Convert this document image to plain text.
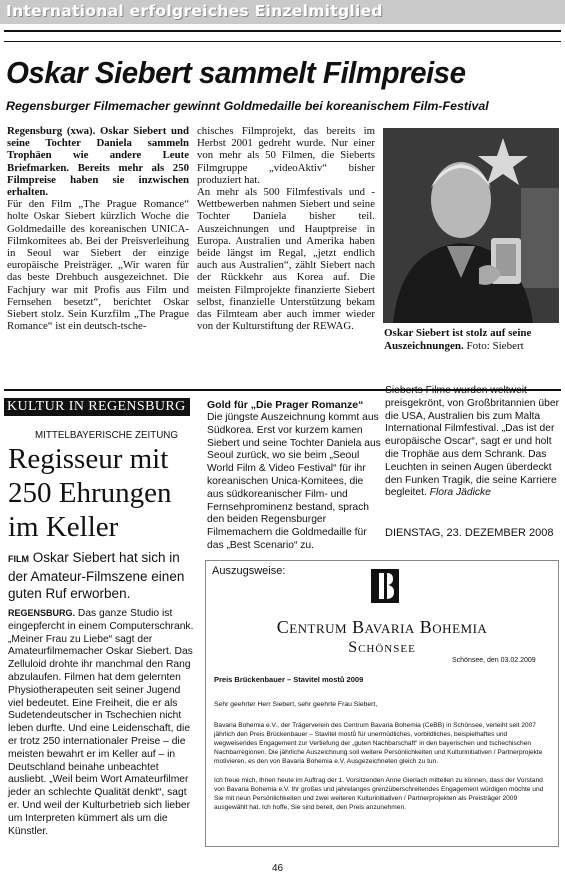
International erfolgreiches Einzelmitglied
Oskar Siebert sammelt Filmpreise
Regensburger Filmemacher gewinnt Goldmedaille bei koreanischem Film-Festival

Regensburg (xwa). Oskar Siebert und seine Tochter Daniela sammeln Trophäen wie andere Leute Briefmarken. Bereits mehr als 250 Filmpreise haben sie inzwischen erhalten.

Für den Film „The Prague Romance“ holte Oskar Siebert kürzlich Woche die Goldmedaille des koreanischen UNICA-Filmkomitees ab. Bei der Preisverleihung in Seoul war Siebert der einzige europäische Preisträger. „Wir waren für das beste Drehbuch ausgezeichnet. Die Fachjury war mit Profis aus Film und Fernsehen besetzt“, berichtet Oskar Siebert stolz. Sein Kurzfilm „The Prague Romance“ ist ein deutsch-tsche-

chisches Filmprojekt, das bereits im Herbst 2001 gedreht wurde. Nur einer von mehr als 50 Filmen, die Sieberts Filmgruppe „videoAktiv“ bisher produziert hat.

An mehr als 500 Filmfestivals und -Wettbewerben nahmen Siebert und seine Tochter Daniela bisher teil. Auszeichnungen und Hauptpreise in Europa. Australien und Amerika haben beide längst im Regal, „jetzt endlich auch aus Australien“, zählt Siebert nach der Rückkehr aus Korea auf. Die meisten Filmprojekte finanzierte Siebert selbst, finanzielle Unterstützung bekam das Filmteam aber auch immer wieder von der Kulturstiftung der REWAG.

Oskar Siebert ist stolz auf seine Auszeichnungen. Foto: Siebert
KULTUR IN REGENSBURG
MITTELBAYERISCHE ZEITUNG
Regisseur mit 250 Ehrungen im Keller
FILM Oskar Siebert hat sich in der Amateur-Filmszene einen guten Ruf erworben.
REGENSBURG. Das ganze Studio ist eingepfercht in einem Computerschrank. „Meiner Frau zu Liebe“ sagt der Amateurfilmemacher Oskar Siebert. Das Zelluloid drohte ihr manchmal den Rang abzulaufen. Filmen hat dem gelernten Physiotherapeuten seit seiner Jugend viel bedeutet. Eine Freiheit, die er als Sudetendeutscher in Tschechien nicht leben durfte. Und eine Leidenschaft, die er trotz 250 internationaler Preise – die meisten bewahrt er im Keller auf – in Deutschland beinahe unbeachtet ausliebt. „Weil beim Wort Amateurfilmer jeder an schlechte Qualität denkt“, sagt er. Und weil der Kulturbetrieb sich lieber um Interpreten kümmert als um die Künstler.
Gold für „Die Prager Romanze“
Die jüngste Auszeichnung kommt aus Südkorea. Erst vor kurzem kamen Siebert und seine Tochter Daniela aus Seoul zurück, wo sie beim „Seoul World Film & Video Festival“ für ihr koreanischen Unica-Komitees, die aus südkoreanischer Film- und Fernsehprominenz bestand, sprach den beiden Regensburger Filmemachern die Goldmedaille für das „Best Scenario“ zu.
Sieberts Filme wurden weltweit preisgekrönt, von Großbritannien über die USA, Australien bis zum Malta International Filmfestival. „Das ist der europäische Oscar“, sagt er und holt die Trophäe aus dem Schrank. Das Leuchten in seinen Augen überdeckt den Funken Tragik, die seine Karriere begleitet. Flora Jädicke
DIENSTAG, 23. DEZEMBER 2008
Auszugsweise:
Centrum Bavaria Bohemia
Schönsee
Schönsee, den 03.02.2009
Preis Brückenbauer – Stavitel mostů 2009
Sehr geehrter Herr Siebert, sehr geehrte Frau Siebert,
Bavaria Bohemia e.V., der Trägerverein des Centrum Bavaria Bohemia (CeBB) in Schönsee, verleiht seit 2007 jährlich den Preis Brückenbauer – Stavitel mostů für unermüdliches, vorbildliches, beispielhaftes und wegweisendes Engagement zur Vertiefung der „guten Nachbarschaft“ in den bayerischen und tschechischen Nachbarregionen. Die jährliche Auszeichnung soll weitere Persönlichkeiten und Kulturinitiativen / Partnerprojekte motivieren, es den von Bavaria Bohemia e.V. Ausgezeichneten gleich zu tun.
Ich freue mich, Ihnen heute im Auftrag der 1. Vorsitzenden Anne Gierlach mitteilen zu können, dass der Vorstand von Bavaria Bohemia e.V. Ihr großes und jahrelanges grenzüberschreitendes Engagement würdigen möchte und Sie mit neun Persönlichkeiten und zwei weiteren Kulturinitiativen / Partnerprojekten als Preisträger 2009 ausgewählt hat. Ich hoffe, Sie sind bereit, den Preis anzunehmen.
46
